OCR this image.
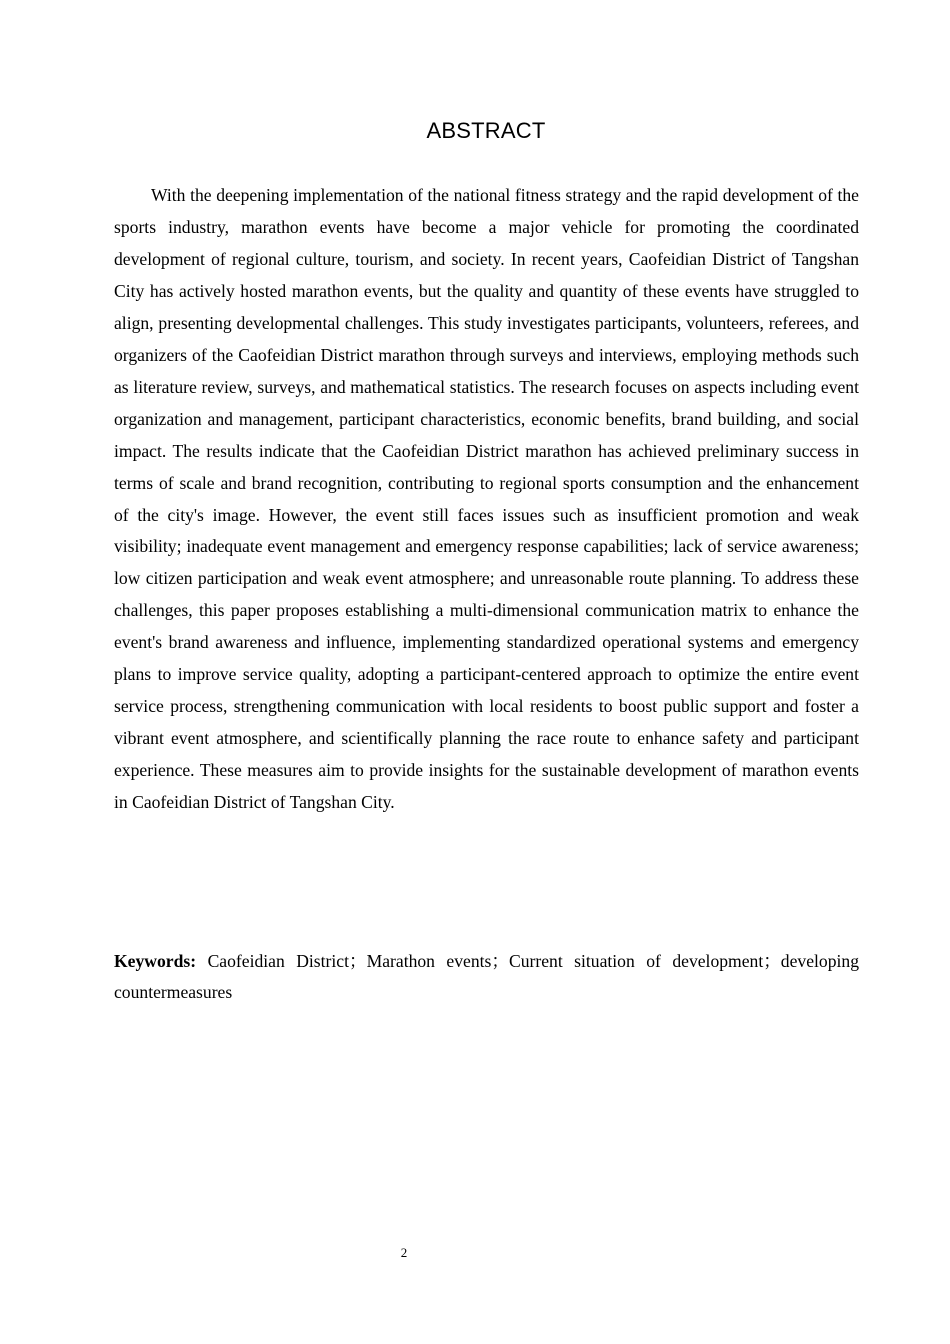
ABSTRACT

With the deepening implementation of the national fitness strategy and the rapid development of the sports industry, marathon events have become a major vehicle for promoting the coordinated development of regional culture, tourism, and society. In recent years, Caofeidian District of Tangshan City has actively hosted marathon events, but the quality and quantity of these events have struggled to align, presenting developmental challenges. This study investigates participants, volunteers, referees, and organizers of the Caofeidian District marathon through surveys and interviews, employing methods such as literature review, surveys, and mathematical statistics. The research focuses on aspects including event organization and management, participant characteristics, economic benefits, brand building, and social impact. The results indicate that the Caofeidian District marathon has achieved preliminary success in terms of scale and brand recognition, contributing to regional sports consumption and the enhancement of the city's image. However, the event still faces issues such as insufficient promotion and weak visibility; inadequate event management and emergency response capabilities; lack of service awareness; low citizen participation and weak event atmosphere; and unreasonable route planning. To address these challenges, this paper proposes establishing a multi-dimensional communication matrix to enhance the event's brand awareness and influence, implementing standardized operational systems and emergency plans to improve service quality, adopting a participant-centered approach to optimize the entire event service process, strengthening communication with local residents to boost public support and foster a vibrant event atmosphere, and scientifically planning the race route to enhance safety and participant experience. These measures aim to provide insights for the sustainable development of marathon events in Caofeidian District of Tangshan City.

Keywords: Caofeidian District；Marathon events；Current situation of development；developing countermeasures

2
